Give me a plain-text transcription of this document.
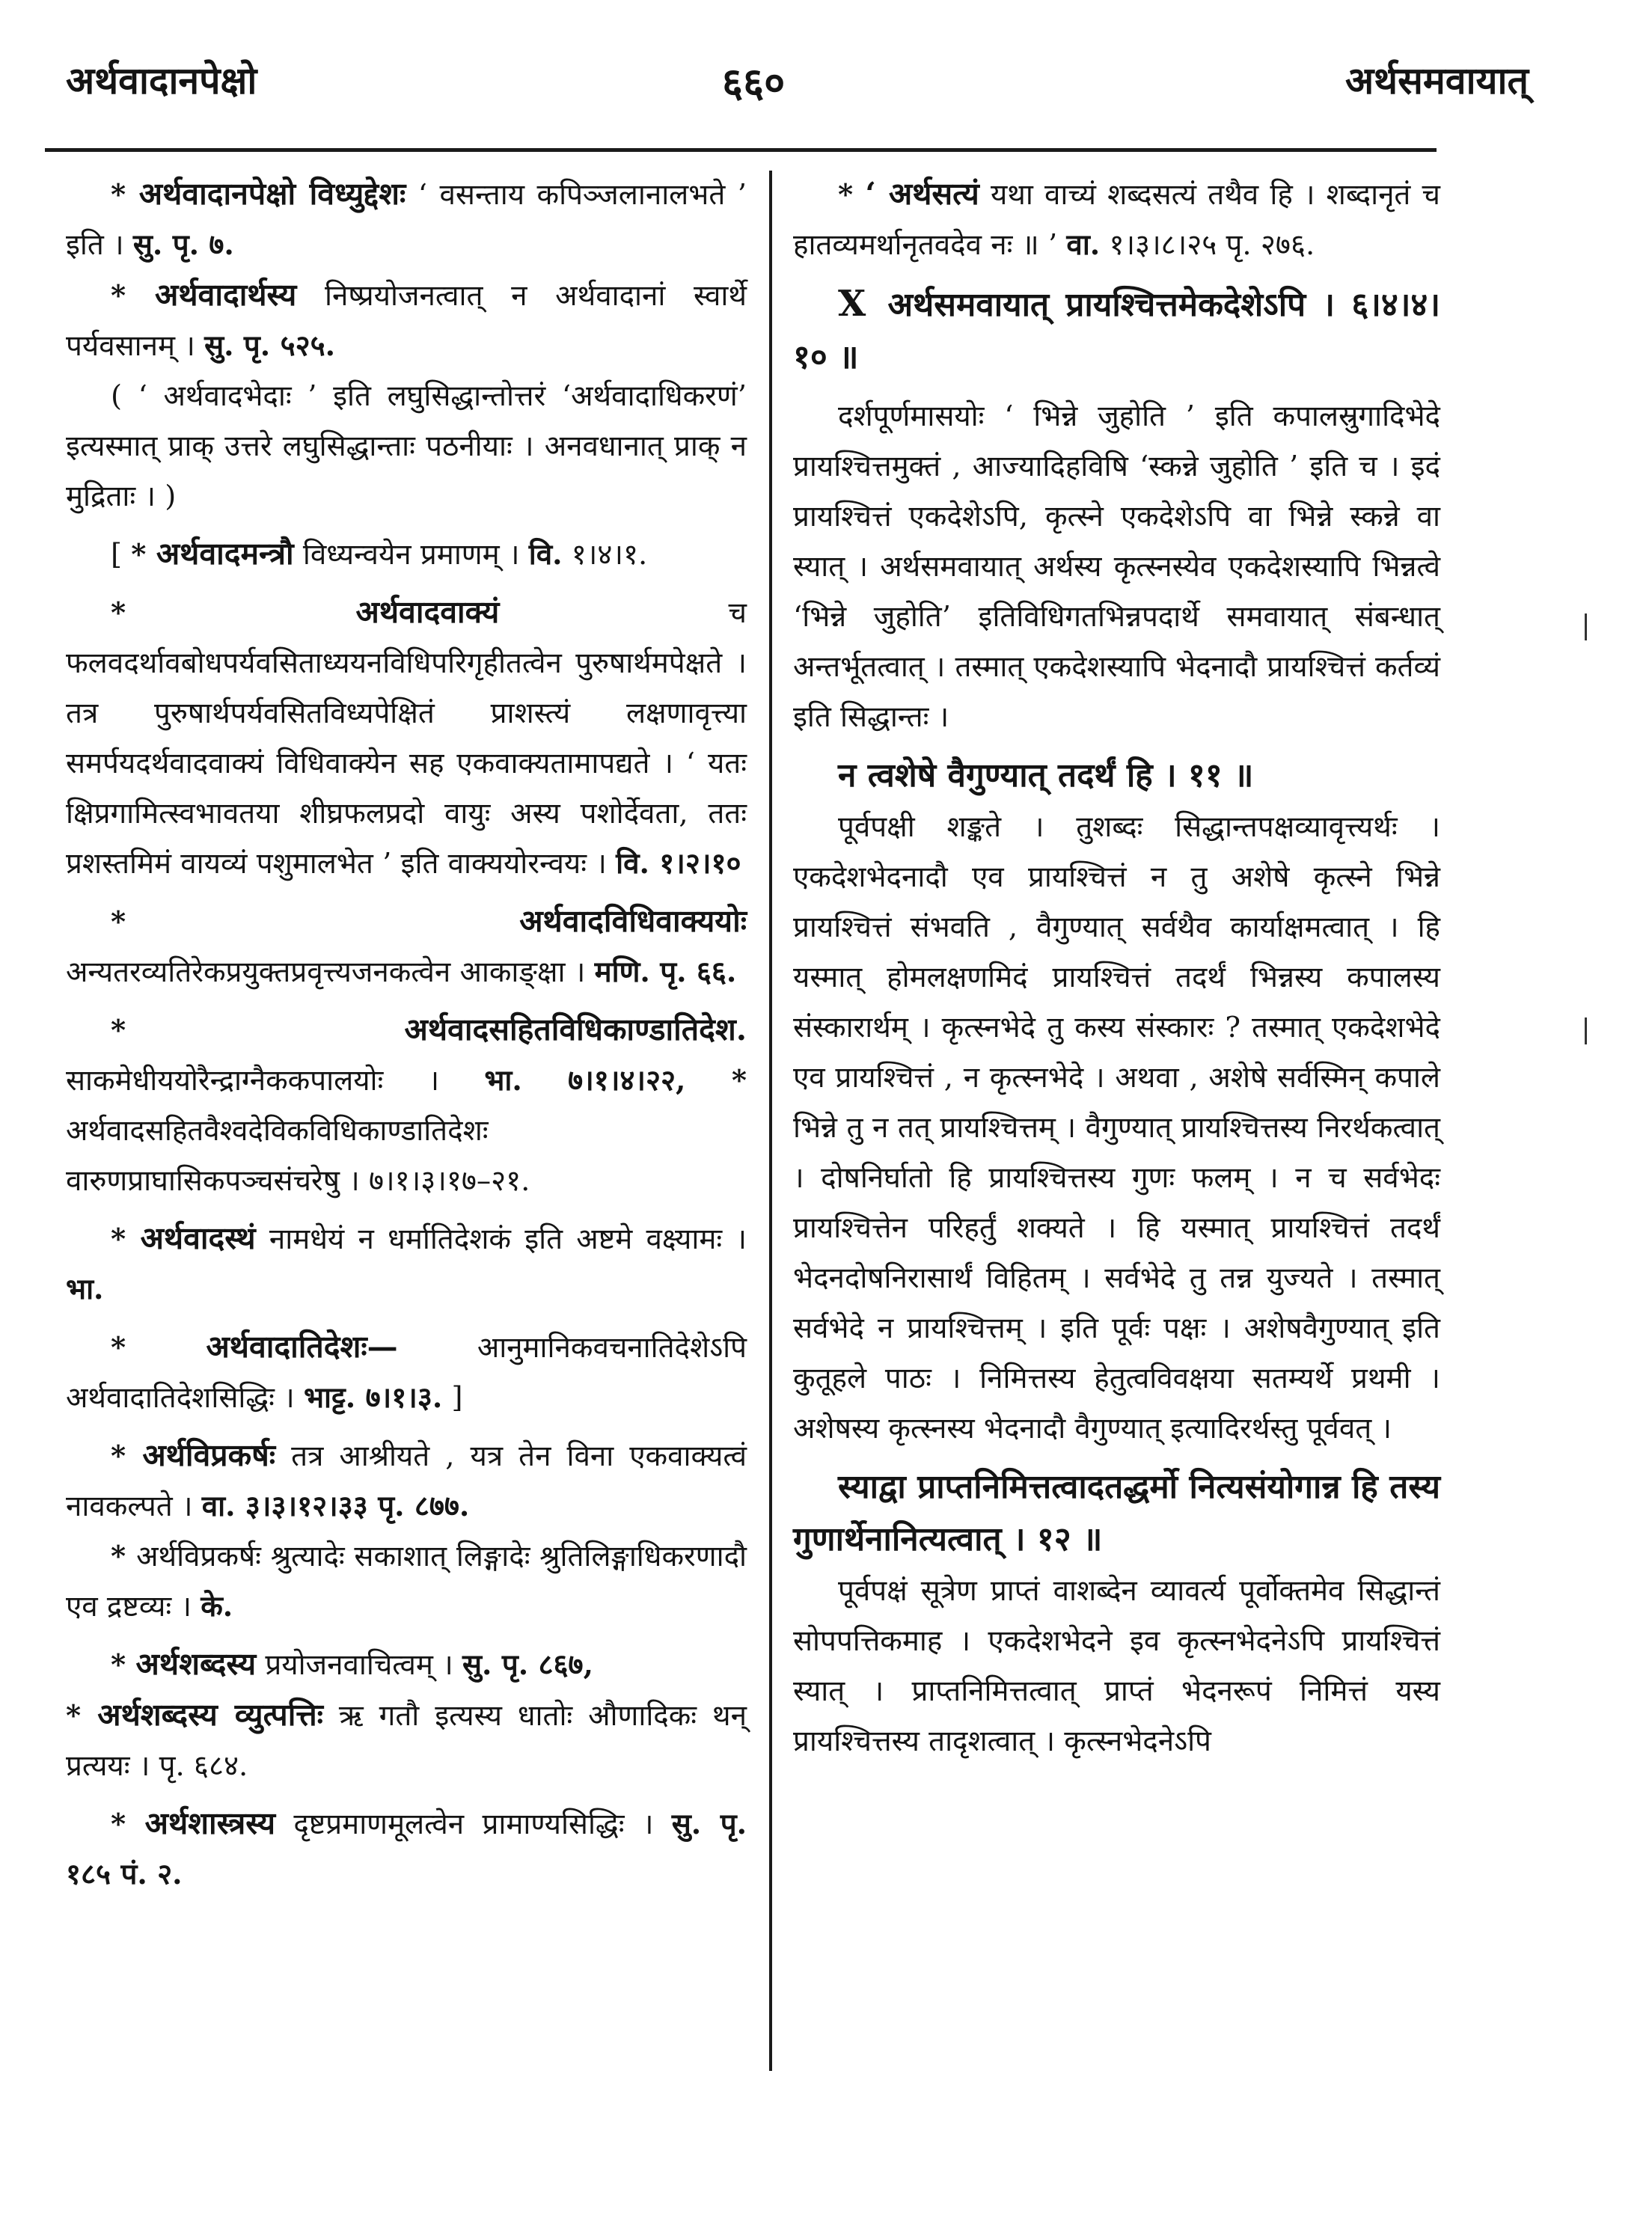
अर्थवादानपेक्षो	६६०	अर्थसमवायात्

* अर्थवादानपेक्षो विध्युद्देशः ‘ वसन्ताय कपिञ्जलानालभते ’ इति । सु. पृ. ७.

* अर्थवादार्थस्य निष्प्रयोजनत्वात् न अर्थवादानां स्वार्थे पर्यवसानम् । सु. पृ. ५२५.

( ‘ अर्थवादभेदाः ’ इति लघुसिद्धान्तोत्तरं ‘अर्थवादाधिकरणं’ इत्यस्मात् प्राक् उत्तरे लघुसिद्धान्ताः पठनीयाः । अनवधानात् प्राक् न मुद्रिताः । )

[ * अर्थवादमन्त्रौ विध्यन्वयेन प्रमाणम् । वि. १।४।१.

* अर्थवादवाक्यं च फलवदर्थावबोधपर्यवसिताध्ययनविधिपरिगृहीतत्वेन पुरुषार्थमपेक्षते । तत्र पुरुषार्थपर्यवसितविध्यपेक्षितं प्राशस्त्यं लक्षणावृत्त्या समर्पयदर्थवादवाक्यं विधिवाक्येन सह एकवाक्यतामापद्यते । ‘ यतः क्षिप्रगामित्स्वभावतया शीघ्रफलप्रदो वायुः अस्य पशोर्देवता, ततः प्रशस्तमिमं वायव्यं पशुमालभेत ’ इति वाक्ययोरन्वयः । वि. १।२।१०

* अर्थवादविधिवाक्ययोः अन्यतरव्यतिरेकप्रयुक्तप्रवृत्त्यजनकत्वेन आकाङ्क्षा । मणि. पृ. ६६.

* अर्थवादसहितविधिकाण्डातिदेश. साकमेधीययोरैन्द्राग्नैककपालयोः । भा. ७।१।४।२२, * अर्थवादसहितवैश्वदेविकविधिकाण्डातिदेशः वारुणप्राघासिकपञ्चसंचरेषु । ७।१।३।१७–२१.

* अर्थवादस्थं नामधेयं न धर्मातिदेशकं इति अष्टमे वक्ष्यामः । भा.

* अर्थवादातिदेशः— आनुमानिकवचनातिदेशेऽपि अर्थवादातिदेशसिद्धिः । भाट्ट. ७।१।३. ]

* अर्थविप्रकर्षः तत्र आश्रीयते , यत्र तेन विना एकवाक्यत्वं नावकल्पते । वा. ३।३।१२।३३ पृ. ८७७.

* अर्थविप्रकर्षः श्रुत्यादेः सकाशात् लिङ्गादेः श्रुतिलिङ्गाधिकरणादौ एव द्रष्टव्यः । के.

* अर्थशब्दस्य प्रयोजनवाचित्वम् । सु. पृ. ८६७,

* अर्थशब्दस्य व्युत्पत्तिः ऋ गतौ इत्यस्य धातोः औणादिकः थन् प्रत्ययः । पृ. ६८४.

* अर्थशास्त्रस्य दृष्टप्रमाणमूलत्वेन प्रामाण्यसिद्धिः । सु. पृ. १८५ पं. २.

* ‘ अर्थसत्यं यथा वाच्यं शब्दसत्यं तथैव हि । शब्दानृतं च हातव्यमर्थानृतवदेव नः ॥ ’ वा. १।३।८।२५ पृ. २७६.

Ⅹ अर्थसमवायात् प्रायश्चित्तमेकदेशेऽपि । ६।४।४।१० ॥

दर्शपूर्णमासयोः ‘ भिन्ने जुहोति ’ इति कपालस्रुगादिभेदे प्रायश्चित्तमुक्तं , आज्यादिहविषि ‘स्कन्ने जुहोति ’ इति च । इदं प्रायश्चित्तं एकदेशेऽपि, कृत्स्ने एकदेशेऽपि वा भिन्ने स्कन्ने वा स्यात् । अर्थसमवायात् अर्थस्य कृत्स्नस्येव एकदेशस्यापि भिन्नत्वे ‘भिन्ने जुहोति’ इतिविधिगतभिन्नपदार्थे समवायात् संबन्धात् अन्तर्भूतत्वात् । तस्मात् एकदेशस्यापि भेदनादौ प्रायश्चित्तं कर्तव्यं इति सिद्धान्तः ।

न त्वशेषे वैगुण्यात् तदर्थं हि । ११ ॥

पूर्वपक्षी शङ्कते । तुशब्दः सिद्धान्तपक्षव्यावृत्त्यर्थः । एकदेशभेदनादौ एव प्रायश्चित्तं न तु अशेषे कृत्स्ने भिन्ने प्रायश्चित्तं संभवति , वैगुण्यात् सर्वथैव कार्याक्षमत्वात् । हि यस्मात् होमलक्षणमिदं प्रायश्चित्तं तदर्थं भिन्नस्य कपालस्य संस्कारार्थम् । कृत्स्नभेदे तु कस्य संस्कारः ? तस्मात् एकदेशभेदे एव प्रायश्चित्तं , न कृत्स्नभेदे । अथवा , अशेषे सर्वस्मिन् कपाले भिन्ने तु न तत् प्रायश्चित्तम् । वैगुण्यात् प्रायश्चित्तस्य निरर्थकत्वात् । दोषनिर्घातो हि प्रायश्चित्तस्य गुणः फलम् । न च सर्वभेदः प्रायश्चित्तेन परिहर्तुं शक्यते । हि यस्मात् प्रायश्चित्तं तदर्थं भेदनदोषनिरासार्थं विहितम् । सर्वभेदे तु तन्न युज्यते । तस्मात् सर्वभेदे न प्रायश्चित्तम् । इति पूर्वः पक्षः । अशेषवैगुण्यात् इति कुतूहले पाठः । निमित्तस्य हेतुत्वविवक्षया सतम्यर्थे प्रथमी । अशेषस्य कृत्स्नस्य भेदनादौ वैगुण्यात् इत्यादिरर्थस्तु पूर्ववत् ।

स्याद्वा प्राप्तनिमित्तत्वादतद्धर्मो नित्यसंयोगान्न हि तस्य गुणार्थेनानित्यत्वात् । १२ ॥

पूर्वपक्षं सूत्रेण प्राप्तं वाशब्देन व्यावर्त्य पूर्वोक्तमेव सिद्धान्तं सोपपत्तिकमाह । एकदेशभेदने इव कृत्स्नभेदनेऽपि प्रायश्चित्तं स्यात् । प्राप्तनिमित्तत्वात् प्राप्तं भेदनरूपं निमित्तं यस्य प्रायश्चित्तस्य तादृशत्वात् । कृत्स्नभेदनेऽपि
